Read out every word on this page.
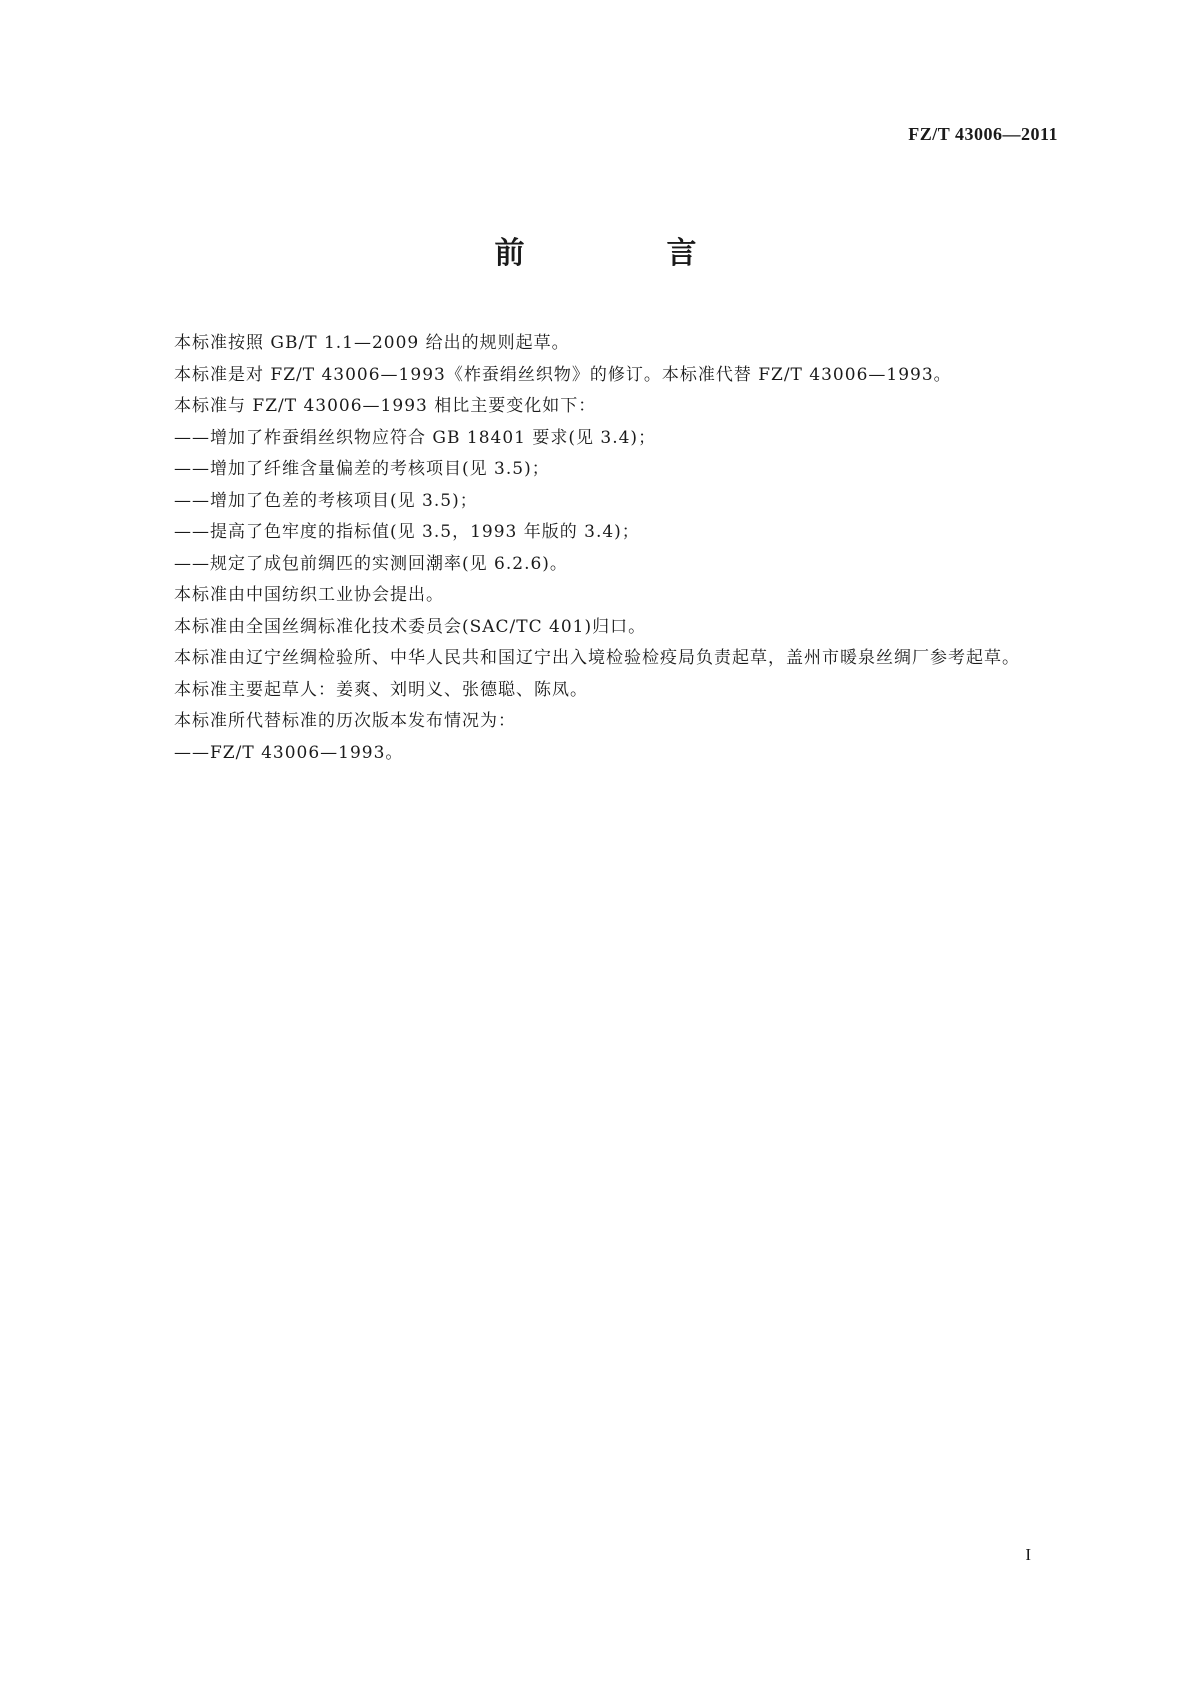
FZ/T 43006—2011
前　言

本标准按照 GB/T 1.1—2009 给出的规则起草。

本标准是对 FZ/T 43006—1993《柞蚕绢丝织物》的修订。本标准代替 FZ/T 43006—1993。

本标准与 FZ/T 43006—1993 相比主要变化如下：

——增加了柞蚕绢丝织物应符合 GB 18401 要求(见 3.4)；

——增加了纤维含量偏差的考核项目(见 3.5)；

——增加了色差的考核项目(见 3.5)；

——提高了色牢度的指标值(见 3.5，1993 年版的 3.4)；

——规定了成包前绸匹的实测回潮率(见 6.2.6)。

本标准由中国纺织工业协会提出。

本标准由全国丝绸标准化技术委员会(SAC/TC 401)归口。

本标准由辽宁丝绸检验所、中华人民共和国辽宁出入境检验检疫局负责起草，盖州市暖泉丝绸厂参考起草。

本标准主要起草人：姜爽、刘明义、张德聪、陈凤。

本标准所代替标准的历次版本发布情况为：

——FZ/T 43006—1993。

I
